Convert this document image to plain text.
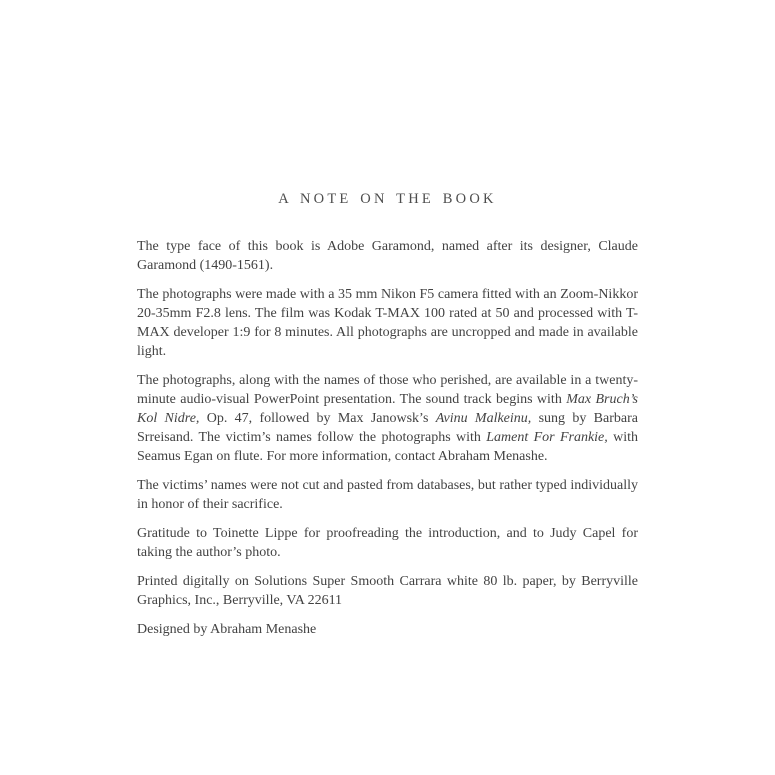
A NOTE ON THE BOOK

The type face of this book is Adobe Garamond, named after its designer, Claude Garamond (1490-1561).

The photographs were made with a 35 mm Nikon F5 camera fitted with an Zoom-Nikkor 20-35mm F2.8 lens. The film was Kodak T-MAX 100 rated at 50 and processed with T-MAX developer 1:9 for 8 minutes. All photographs are uncropped and made in available light.

The photographs, along with the names of those who perished, are available in a twenty-minute audio-visual PowerPoint presentation. The sound track begins with Max Bruch’s Kol Nidre, Op. 47, followed by Max Janowsk’s Avinu Malkeinu, sung by Barbara Srreisand. The victim’s names follow the photographs with Lament For Frankie, with Seamus Egan on flute. For more information, contact Abraham Menashe.

The victims’ names were not cut and pasted from databases, but rather typed individually in honor of their sacrifice.

Gratitude to Toinette Lippe for proofreading the introduction, and to Judy Capel for taking the author’s photo.

Printed digitally on Solutions Super Smooth Carrara white 80 lb. paper, by Berryville Graphics, Inc., Berryville, VA 22611

Designed by Abraham Menashe
